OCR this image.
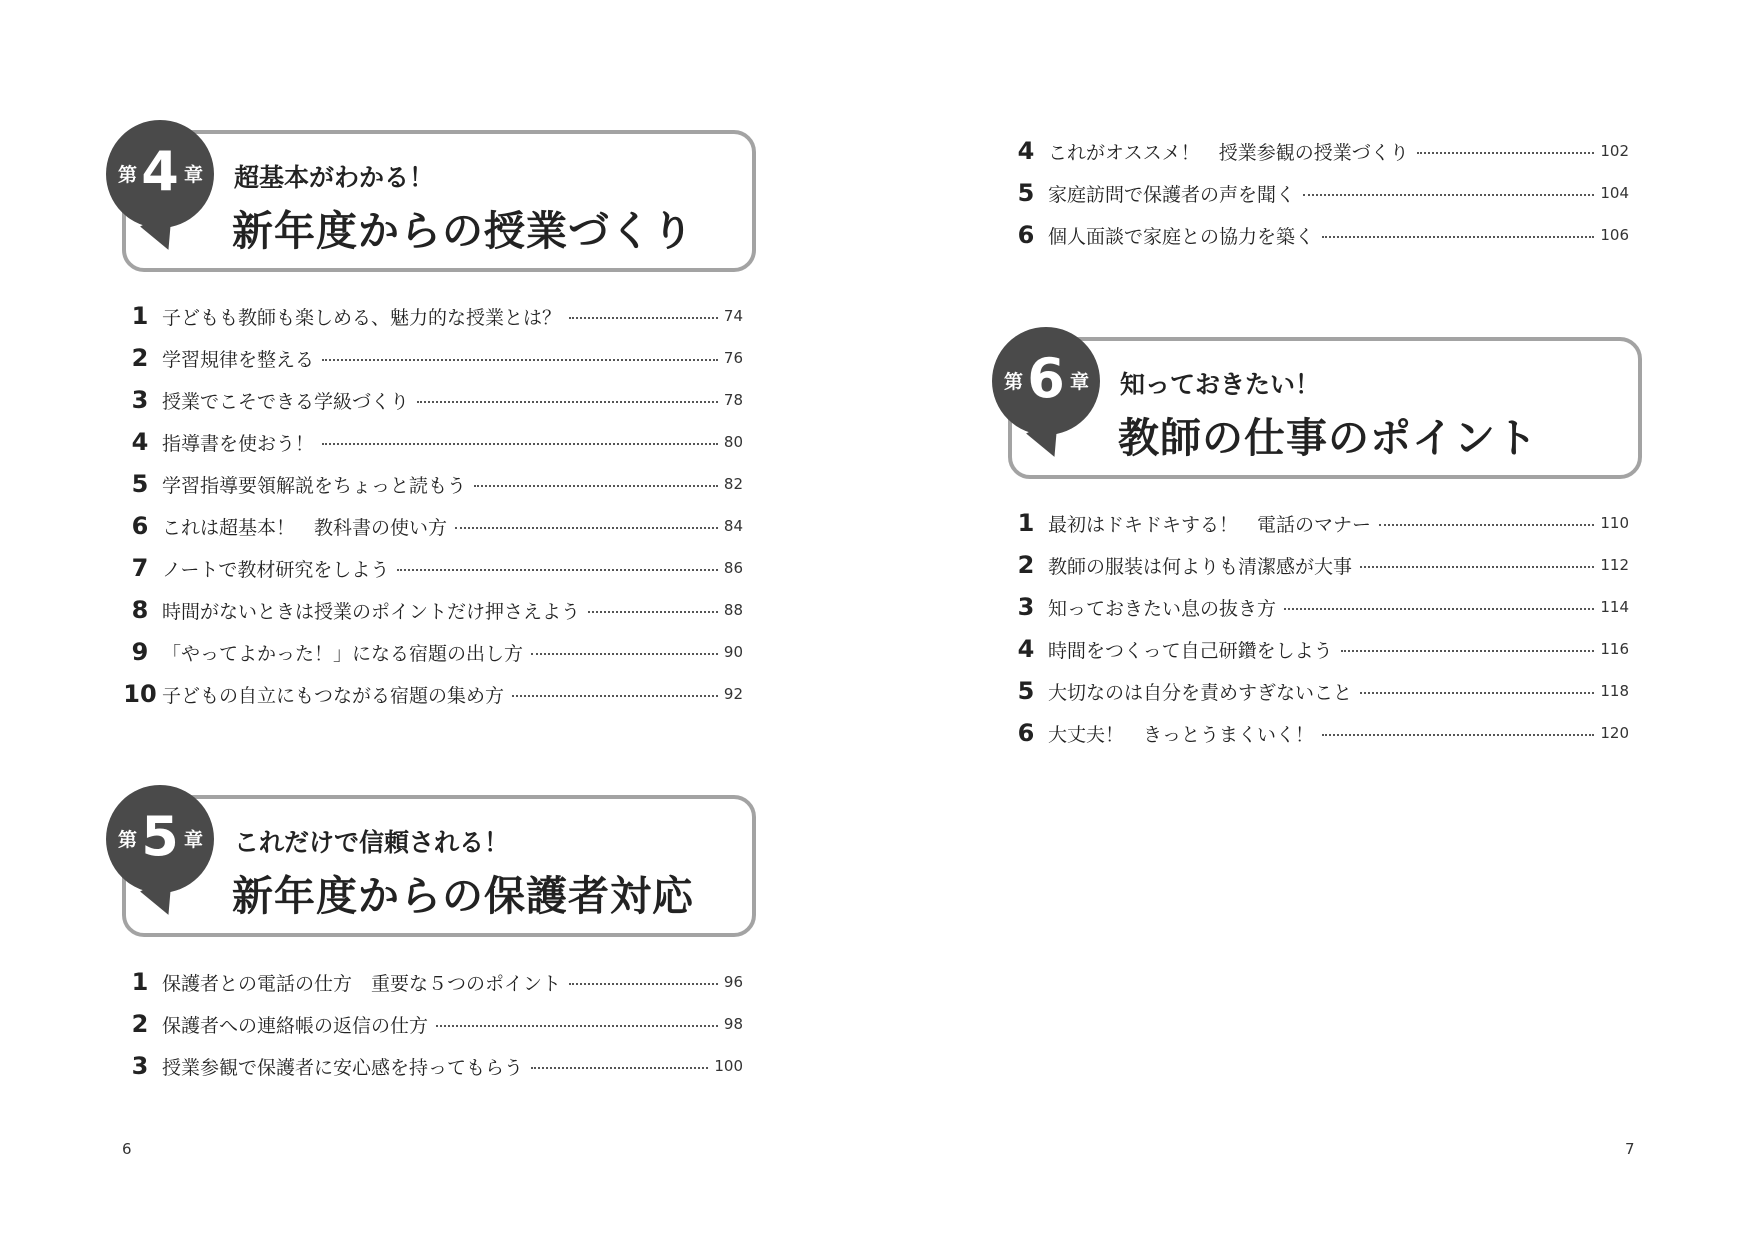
第 4 章 超基本がわかる！
新年度からの授業づくり
1 子どもも教師も楽しめる、魅力的な授業とは？	74
2 学習規律を整える	76
3 授業でこそできる学級づくり	78
4 指導書を使おう！	80
5 学習指導要領解説をちょっと読もう	82
6 これは超基本！　教科書の使い方	84
7 ノートで教材研究をしよう	86
8 時間がないときは授業のポイントだけ押さえよう	88
9 「やってよかった！」になる宿題の出し方	90
10 子どもの自立にもつながる宿題の集め方	92
第 5 章 これだけで信頼される！
新年度からの保護者対応
1 保護者との電話の仕方　重要な５つのポイント	96
2 保護者への連絡帳の返信の仕方	98
3 授業参観で保護者に安心感を持ってもらう	100
6
4 これがオススメ！　授業参観の授業づくり	102
5 家庭訪問で保護者の声を聞く	104
6 個人面談で家庭との協力を築く	106
第 6 章 知っておきたい！
教師の仕事のポイント
1 最初はドキドキする！　電話のマナー	110
2 教師の服装は何よりも清潔感が大事	112
3 知っておきたい息の抜き方	114
4 時間をつくって自己研鑽をしよう	116
5 大切なのは自分を責めすぎないこと	118
6 大丈夫！　きっとうまくいく！	120
7
